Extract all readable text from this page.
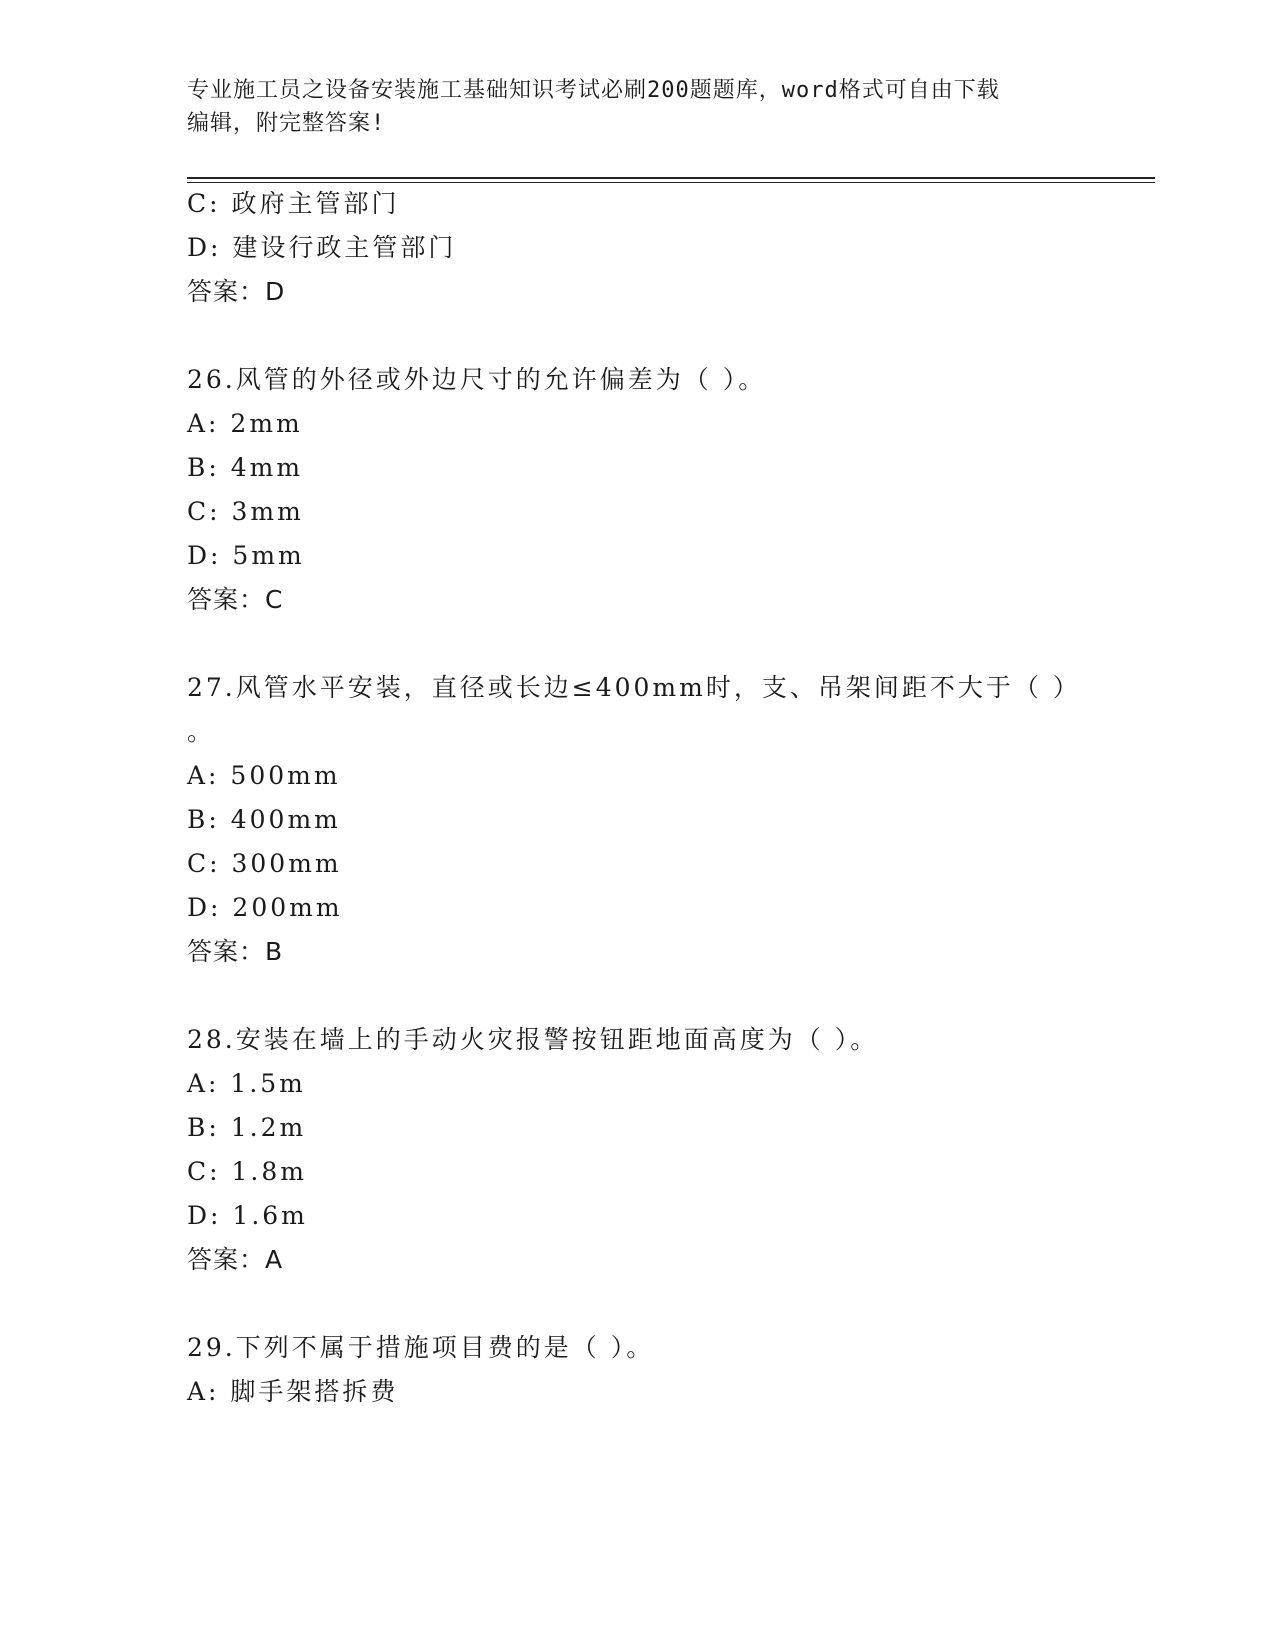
专业施工员之设备安装施工基础知识考试必刷200题题库，word格式可自由下载
编辑，附完整答案!
C: 政府主管部门
D: 建设行政主管部门
答案：D
26.风管的外径或外边尺寸的允许偏差为（ ）。
A: 2mm
B: 4mm
C: 3mm
D: 5mm
答案：C
27.风管水平安装，直径或长边≤400mm时，支、吊架间距不大于（ ）
。
A: 500mm
B: 400mm
C: 300mm
D: 200mm
答案：B
28.安装在墙上的手动火灾报警按钮距地面高度为（ ）。
A: 1.5m
B: 1.2m
C: 1.8m
D: 1.6m
答案：A
29.下列不属于措施项目费的是（ ）。
A: 脚手架搭拆费
